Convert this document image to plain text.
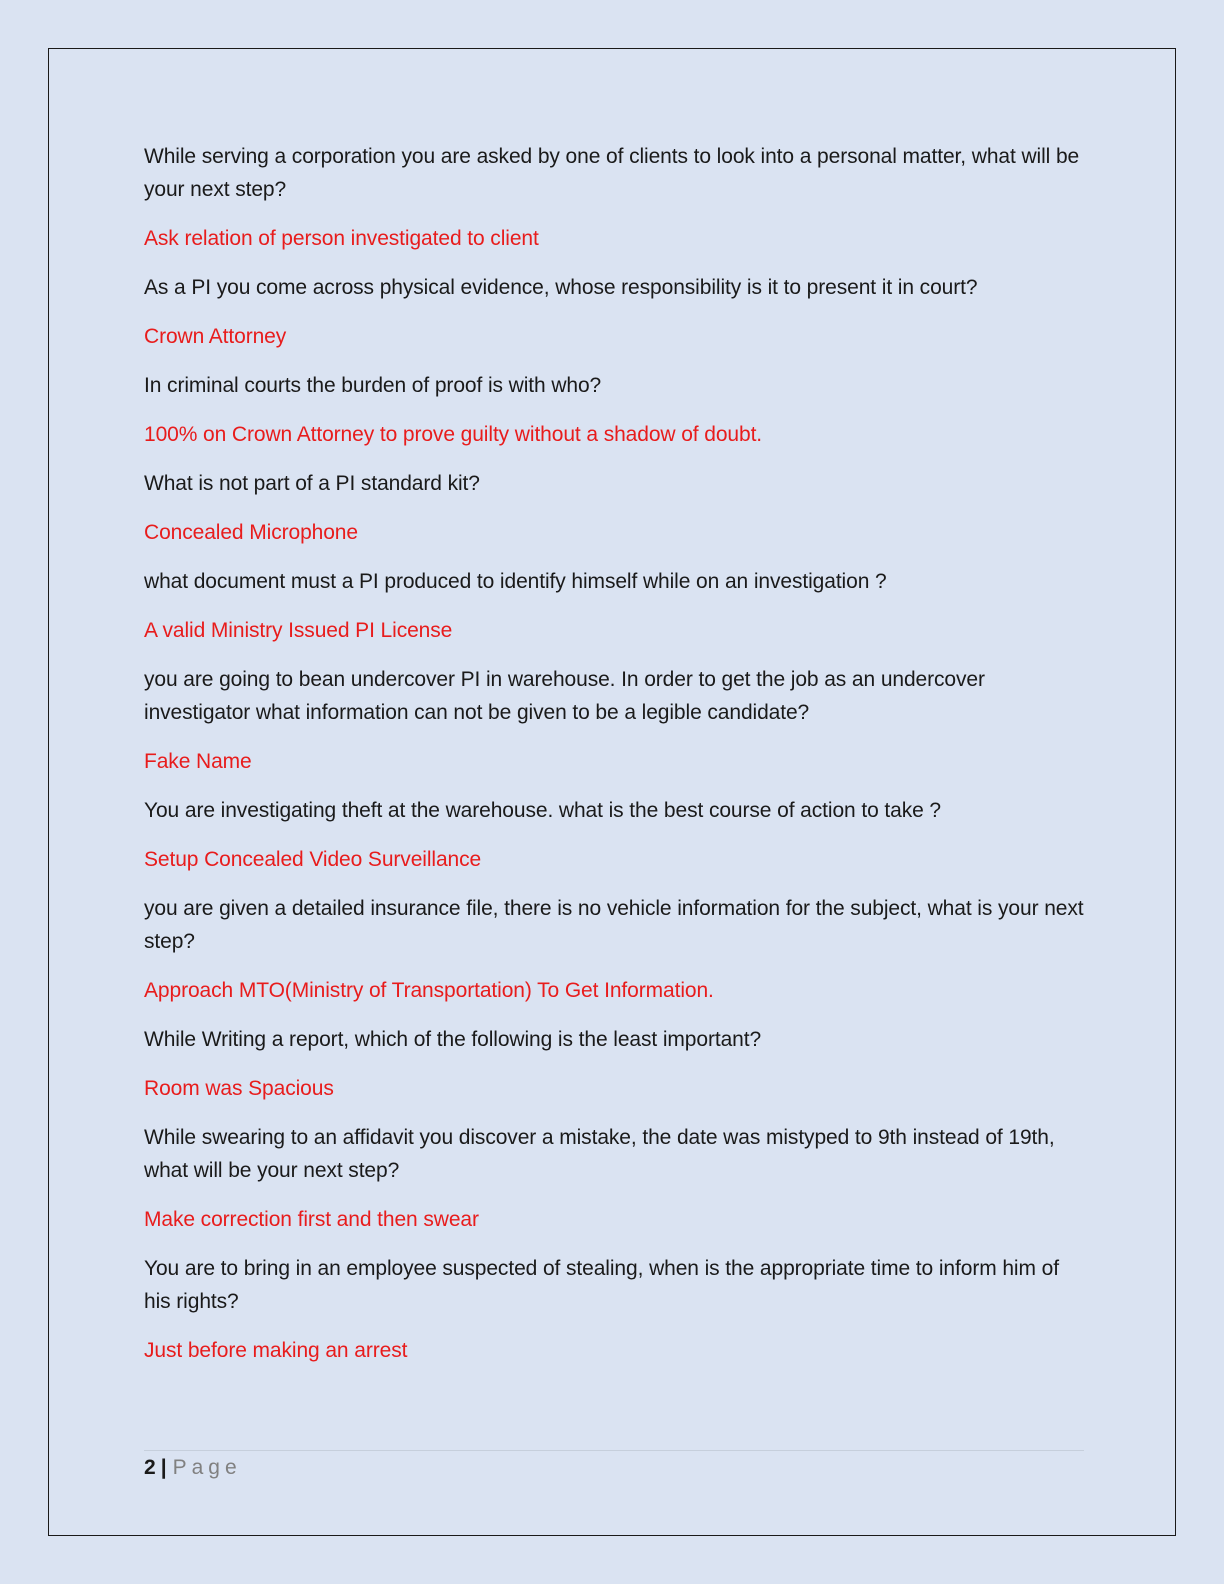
While serving a corporation you are asked by one of clients to look into a personal matter, what will be your next step?

Ask relation of person investigated to client

As a PI you come across physical evidence, whose responsibility is it to present it in court?

Crown Attorney

In criminal courts the burden of proof is with who?

100% on Crown Attorney to prove guilty without a shadow of doubt.

What is not part of a PI standard kit?

Concealed Microphone

what document must a PI produced to identify himself while on an investigation ?

A valid Ministry Issued PI License

you are going to bean undercover PI in warehouse. In order to get the job as an undercover investigator what information can not be given to be a legible candidate?

Fake Name

You are investigating theft at the warehouse. what is the best course of action to take ?

Setup Concealed Video Surveillance

you are given a detailed insurance file, there is no vehicle information for the subject, what is your next step?

Approach MTO(Ministry of Transportation) To Get Information.

While Writing a report, which of the following is the least important?

Room was Spacious

While swearing to an affidavit you discover a mistake, the date was mistyped to 9th instead of 19th, what will be your next step?

Make correction first and then swear

You are to bring in an employee suspected of stealing, when is the appropriate time to inform him of his rights?

Just before making an arrest

2 | Page
